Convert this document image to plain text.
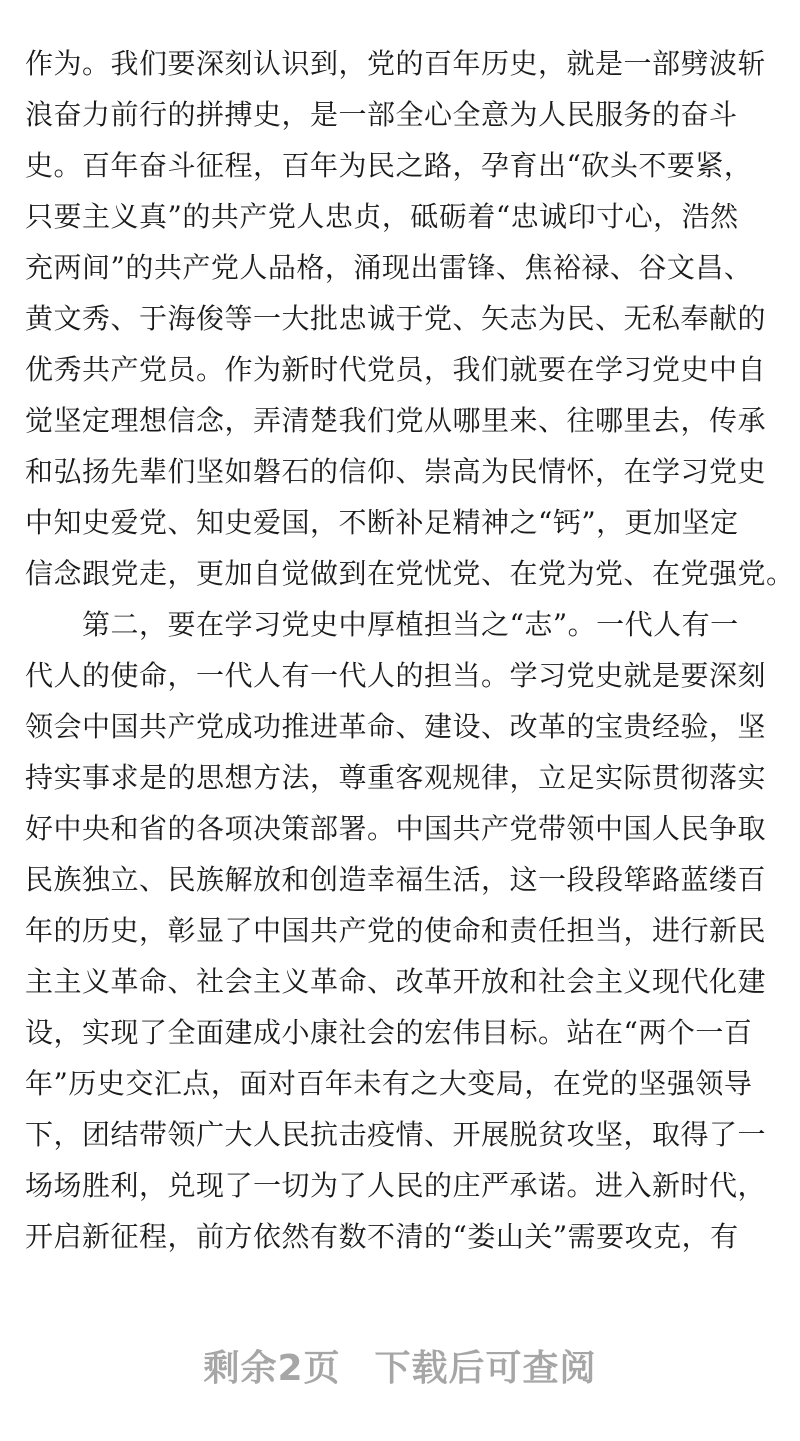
作为。我们要深刻认识到，党的百年历史，就是一部劈波斩
浪奋力前行的拼搏史，是一部全心全意为人民服务的奋斗
史。百年奋斗征程，百年为民之路，孕育出“砍头不要紧，
只要主义真”的共产党人忠贞，砥砺着“忠诚印寸心，浩然
充两间”的共产党人品格，涌现出雷锋、焦裕禄、谷文昌、
黄文秀、于海俊等一大批忠诚于党、矢志为民、无私奉献的
优秀共产党员。作为新时代党员，我们就要在学习党史中自
觉坚定理想信念，弄清楚我们党从哪里来、往哪里去，传承
和弘扬先辈们坚如磐石的信仰、崇高为民情怀，在学习党史
中知史爱党、知史爱国，不断补足精神之“钙”，更加坚定
信念跟党走，更加自觉做到在党忧党、在党为党、在党强党。
　　第二，要在学习党史中厚植担当之“志”。一代人有一
代人的使命，一代人有一代人的担当。学习党史就是要深刻
领会中国共产党成功推进革命、建设、改革的宝贵经验，坚
持实事求是的思想方法，尊重客观规律，立足实际贯彻落实
好中央和省的各项决策部署。中国共产党带领中国人民争取
民族独立、民族解放和创造幸福生活，这一段段筚路蓝缕百
年的历史，彰显了中国共产党的使命和责任担当，进行新民
主主义革命、社会主义革命、改革开放和社会主义现代化建
设，实现了全面建成小康社会的宏伟目标。站在“两个一百
年”历史交汇点，面对百年未有之大变局，在党的坚强领导
下，团结带领广大人民抗击疫情、开展脱贫攻坚，取得了一
场场胜利，兑现了一切为了人民的庄严承诺。进入新时代，
开启新征程，前方依然有数不清的“娄山关”需要攻克，有
剩余2页 下载后可查阅
